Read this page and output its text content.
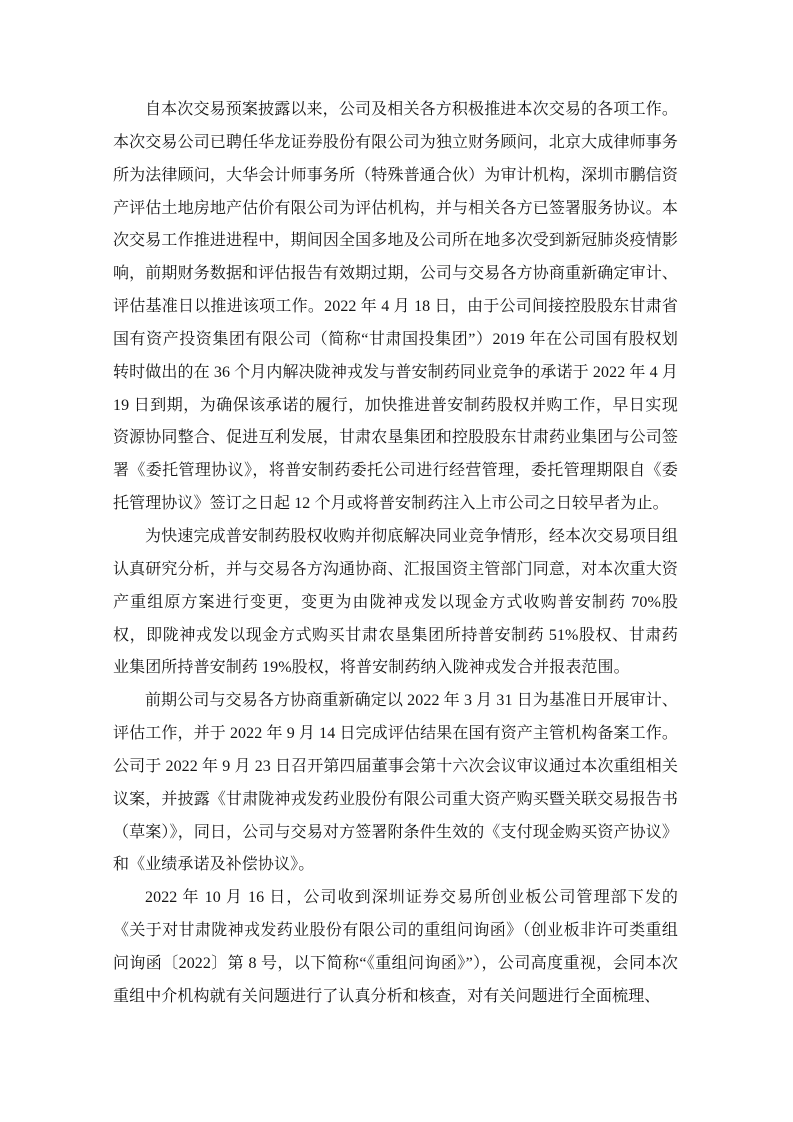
自本次交易预案披露以来，公司及相关各方积极推进本次交易的各项工作。本次交易公司已聘任华龙证券股份有限公司为独立财务顾问，北京大成律师事务所为法律顾问，大华会计师事务所（特殊普通合伙）为审计机构，深圳市鹏信资产评估土地房地产估价有限公司为评估机构，并与相关各方已签署服务协议。本次交易工作推进进程中，期间因全国多地及公司所在地多次受到新冠肺炎疫情影响，前期财务数据和评估报告有效期过期，公司与交易各方协商重新确定审计、评估基准日以推进该项工作。2022 年 4 月 18 日，由于公司间接控股股东甘肃省国有资产投资集团有限公司（简称“甘肃国投集团”）2019 年在公司国有股权划转时做出的在 36 个月内解决陇神戎发与普安制药同业竞争的承诺于 2022 年 4 月 19 日到期，为确保该承诺的履行，加快推进普安制药股权并购工作，早日实现资源协同整合、促进互利发展，甘肃农垦集团和控股股东甘肃药业集团与公司签署《委托管理协议》，将普安制药委托公司进行经营管理，委托管理期限自《委托管理协议》签订之日起 12 个月或将普安制药注入上市公司之日较早者为止。

为快速完成普安制药股权收购并彻底解决同业竞争情形，经本次交易项目组认真研究分析，并与交易各方沟通协商、汇报国资主管部门同意，对本次重大资产重组原方案进行变更，变更为由陇神戎发以现金方式收购普安制药 70%股权，即陇神戎发以现金方式购买甘肃农垦集团所持普安制药 51%股权、甘肃药业集团所持普安制药 19%股权，将普安制药纳入陇神戎发合并报表范围。

前期公司与交易各方协商重新确定以 2022 年 3 月 31 日为基准日开展审计、评估工作，并于 2022 年 9 月 14 日完成评估结果在国有资产主管机构备案工作。公司于 2022 年 9 月 23 日召开第四届董事会第十六次会议审议通过本次重组相关议案，并披露《甘肃陇神戎发药业股份有限公司重大资产购买暨关联交易报告书（草案）》，同日，公司与交易对方签署附条件生效的《支付现金购买资产协议》和《业绩承诺及补偿协议》。

2022 年 10 月 16 日，公司收到深圳证券交易所创业板公司管理部下发的《关于对甘肃陇神戎发药业股份有限公司的重组问询函》（创业板非许可类重组问询函〔2022〕第 8 号，以下简称“《重组问询函》”），公司高度重视，会同本次重组中介机构就有关问题进行了认真分析和核查，对有关问题进行全面梳理、
